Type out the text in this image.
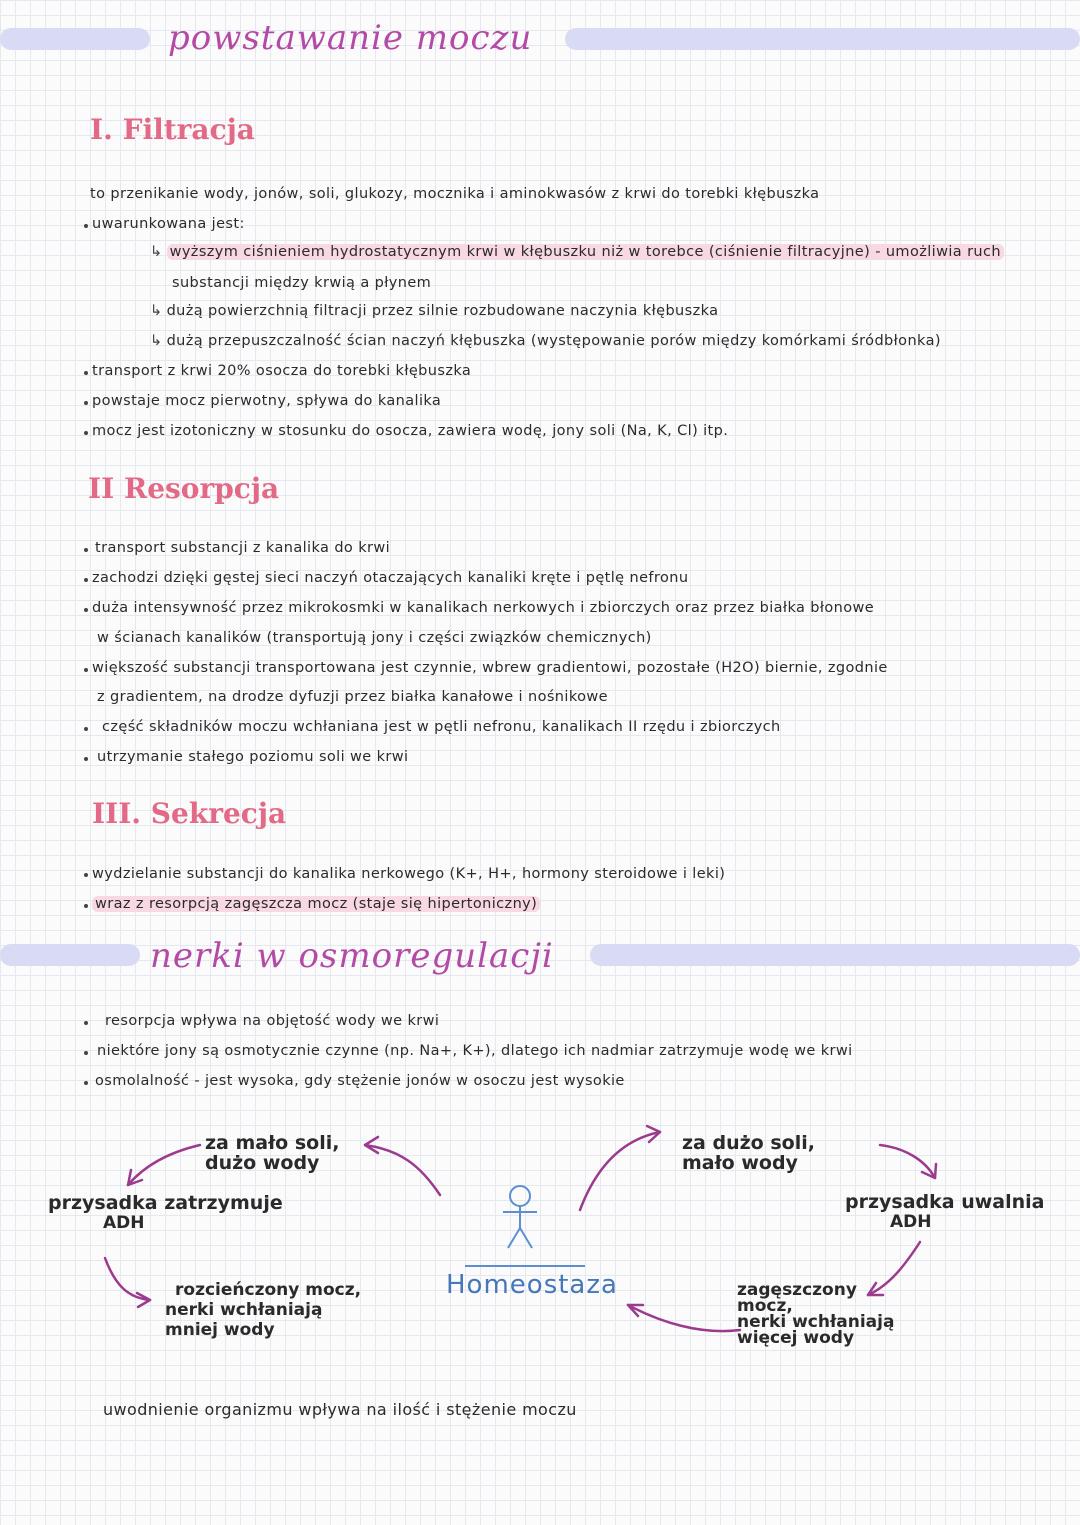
powstawanie moczu
I. Filtracja
to przenikanie wody, jonów, soli, glukozy, mocznika i aminokwasów z krwi do torebki kłębuszka
uwarunkowana jest:
↳ wyższym ciśnieniem hydrostatycznym krwi w kłębuszku niż w torebce (ciśnienie filtracyjne) - umożliwia ruch
substancji między krwią a płynem
↳ dużą powierzchnią filtracji przez silnie rozbudowane naczynia kłębuszka
↳ dużą przepuszczalność ścian naczyń kłębuszka (występowanie porów między komórkami śródbłonka)
transport z krwi 20% osocza do torebki kłębuszka
powstaje mocz pierwotny, spływa do kanalika
mocz jest izotoniczny w stosunku do osocza, zawiera wodę, jony soli (Na, K, Cl) itp.
II Resorpcja
transport substancji z kanalika do krwi
zachodzi dzięki gęstej sieci naczyń otaczających kanaliki kręte i pętlę nefronu
duża intensywność przez mikrokosmki w kanalikach nerkowych i zbiorczych oraz przez białka błonowe
w ścianach kanalików (transportują jony i części związków chemicznych)
większość substancji transportowana jest czynnie, wbrew gradientowi, pozostałe (H2O) biernie, zgodnie
z gradientem, na drodze dyfuzji przez białka kanałowe i nośnikowe
część składników moczu wchłaniana jest w pętli nefronu, kanalikach II rzędu i zbiorczych
utrzymanie stałego poziomu soli we krwi
III. Sekrecja
wydzielanie substancji do kanalika nerkowego (K+, H+, hormony steroidowe i leki)
wraz z resorpcją zagęszcza mocz (staje się hipertoniczny)
nerki w osmoregulacji
resorpcja wpływa na objętość wody we krwi
niektóre jony są osmotycznie czynne (np. Na+, K+), dlatego ich nadmiar zatrzymuje wodę we krwi
osmolalność - jest wysoka, gdy stężenie jonów w osoczu jest wysokie
za mało soli,
dużo wody
przysadka zatrzymuje
ADH
rozcieńczony mocz,
nerki wchłaniają
mniej wody
Homeostaza
za dużo soli,
mało wody
przysadka uwalnia
ADH
zagęszczony
mocz,
nerki wchłaniają
więcej wody
uwodnienie organizmu wpływa na ilość i stężenie moczu
